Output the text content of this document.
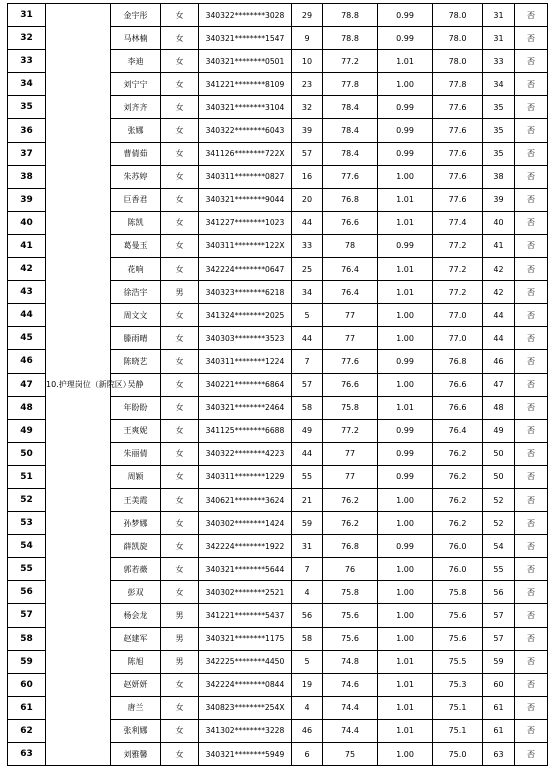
31	10.护理岗位（新院区）	金宇彤	女	340322********3028	29	78.8	0.99	78.0	31	否
32		马林楠	女	340321********1547	9	78.8	0.99	78.0	31	否
33		李迪	女	340321********0501	10	77.2	1.01	78.0	33	否
34		刘宁宁	女	341221********8109	23	77.8	1.00	77.8	34	否
35		刘齐齐	女	340321********3104	32	78.4	0.99	77.6	35	否
36		张娜	女	340322********6043	39	78.4	0.99	77.6	35	否
37		曹倩茹	女	341126********722X	57	78.4	0.99	77.6	35	否
38		朱苏婷	女	340311********0827	16	77.6	1.00	77.6	38	否
39		巨香君	女	340321********9044	20	76.8	1.01	77.6	39	否
40		陈凯	女	341227********1023	44	76.6	1.01	77.4	40	否
41		葛曼玉	女	340311********122X	33	78	0.99	77.2	41	否
42		花响	女	342224********0647	25	76.4	1.01	77.2	42	否
43		徐浩宇	男	340323********6218	34	76.4	1.01	77.2	42	否
44		周文文	女	341324********2025	5	77	1.00	77.0	44	否
45		滕雨晴	女	340303********3523	44	77	1.00	77.0	44	否
46		陈晓艺	女	340311********1224	7	77.6	0.99	76.8	46	否
47		吴静	女	340221********6864	57	76.6	1.00	76.6	47	否
48		年盼盼	女	340321********2464	58	75.8	1.01	76.6	48	否
49		王爽妮	女	341125********6688	49	77.2	0.99	76.4	49	否
50		朱丽倩	女	340322********4223	44	77	0.99	76.2	50	否
51		周颖	女	340311********1229	55	77	0.99	76.2	50	否
52		王美霞	女	340621********3624	21	76.2	1.00	76.2	52	否
53		孙梦娜	女	340302********1424	59	76.2	1.00	76.2	52	否
54		薛凯旋	女	342224********1922	31	76.8	0.99	76.0	54	否
55		郭若薇	女	340321********5644	7	76	1.00	76.0	55	否
56		彭双	女	340302********2521	4	75.8	1.00	75.8	56	否
57		杨会龙	男	341221********5437	56	75.6	1.00	75.6	57	否
58		赵建军	男	340321********1175	58	75.6	1.00	75.6	57	否
59		陈旭	男	342225********4450	5	74.8	1.01	75.5	59	否
60		赵妍妍	女	342224********0844	19	74.6	1.01	75.3	60	否
61		唐兰	女	340823********254X	4	74.4	1.01	75.1	61	否
62		张利娜	女	341302********3228	46	74.4	1.01	75.1	61	否
63		刘雅馨	女	340321********5949	6	75	1.00	75.0	63	否
